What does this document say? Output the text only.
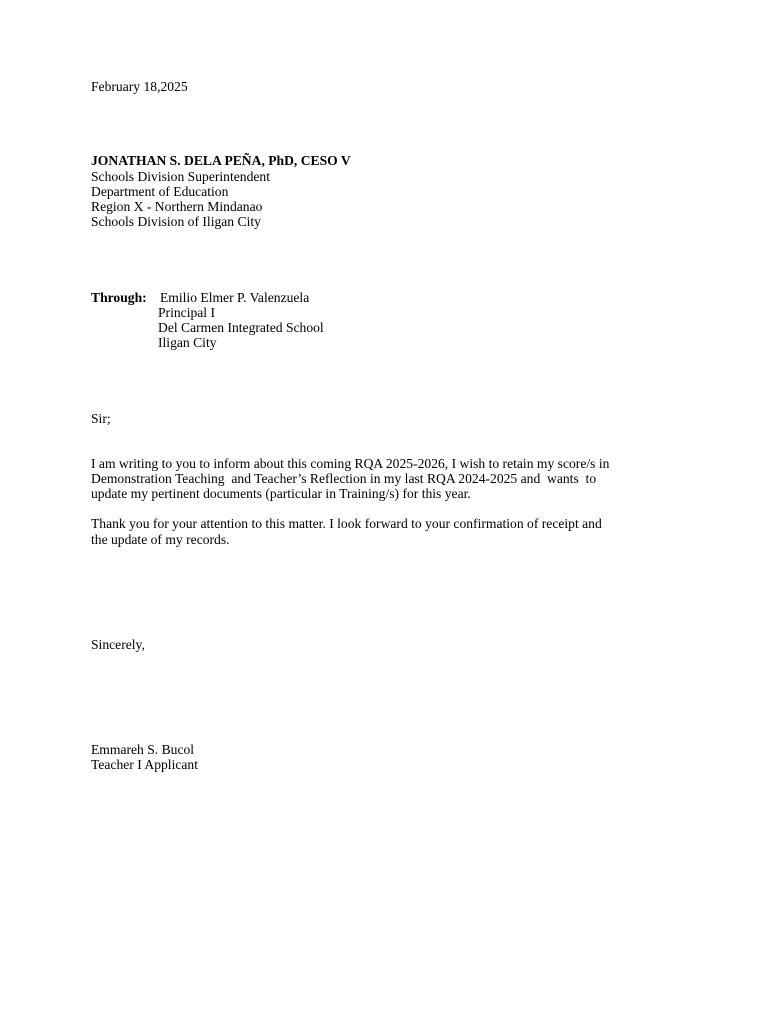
February 18,2025
JONATHAN S. DELA PEÑA, PhD, CESO V
Schools Division Superintendent
Department of Education
Region X - Northern Mindanao
Schools Division of Iligan City
Through: Emilio Elmer P. Valenzuela
Principal I
Del Carmen Integrated School
Iligan City
Sir;
I am writing to you to inform about this coming RQA 2025-2026, I wish to retain my score/s in
Demonstration Teaching  and Teacher’s Reflection in my last RQA 2024-2025 and  wants  to
update my pertinent documents (particular in Training/s) for this year.
Thank you for your attention to this matter. I look forward to your confirmation of receipt and
the update of my records.
Sincerely,
Emmareh S. Bucol
Teacher I Applicant
